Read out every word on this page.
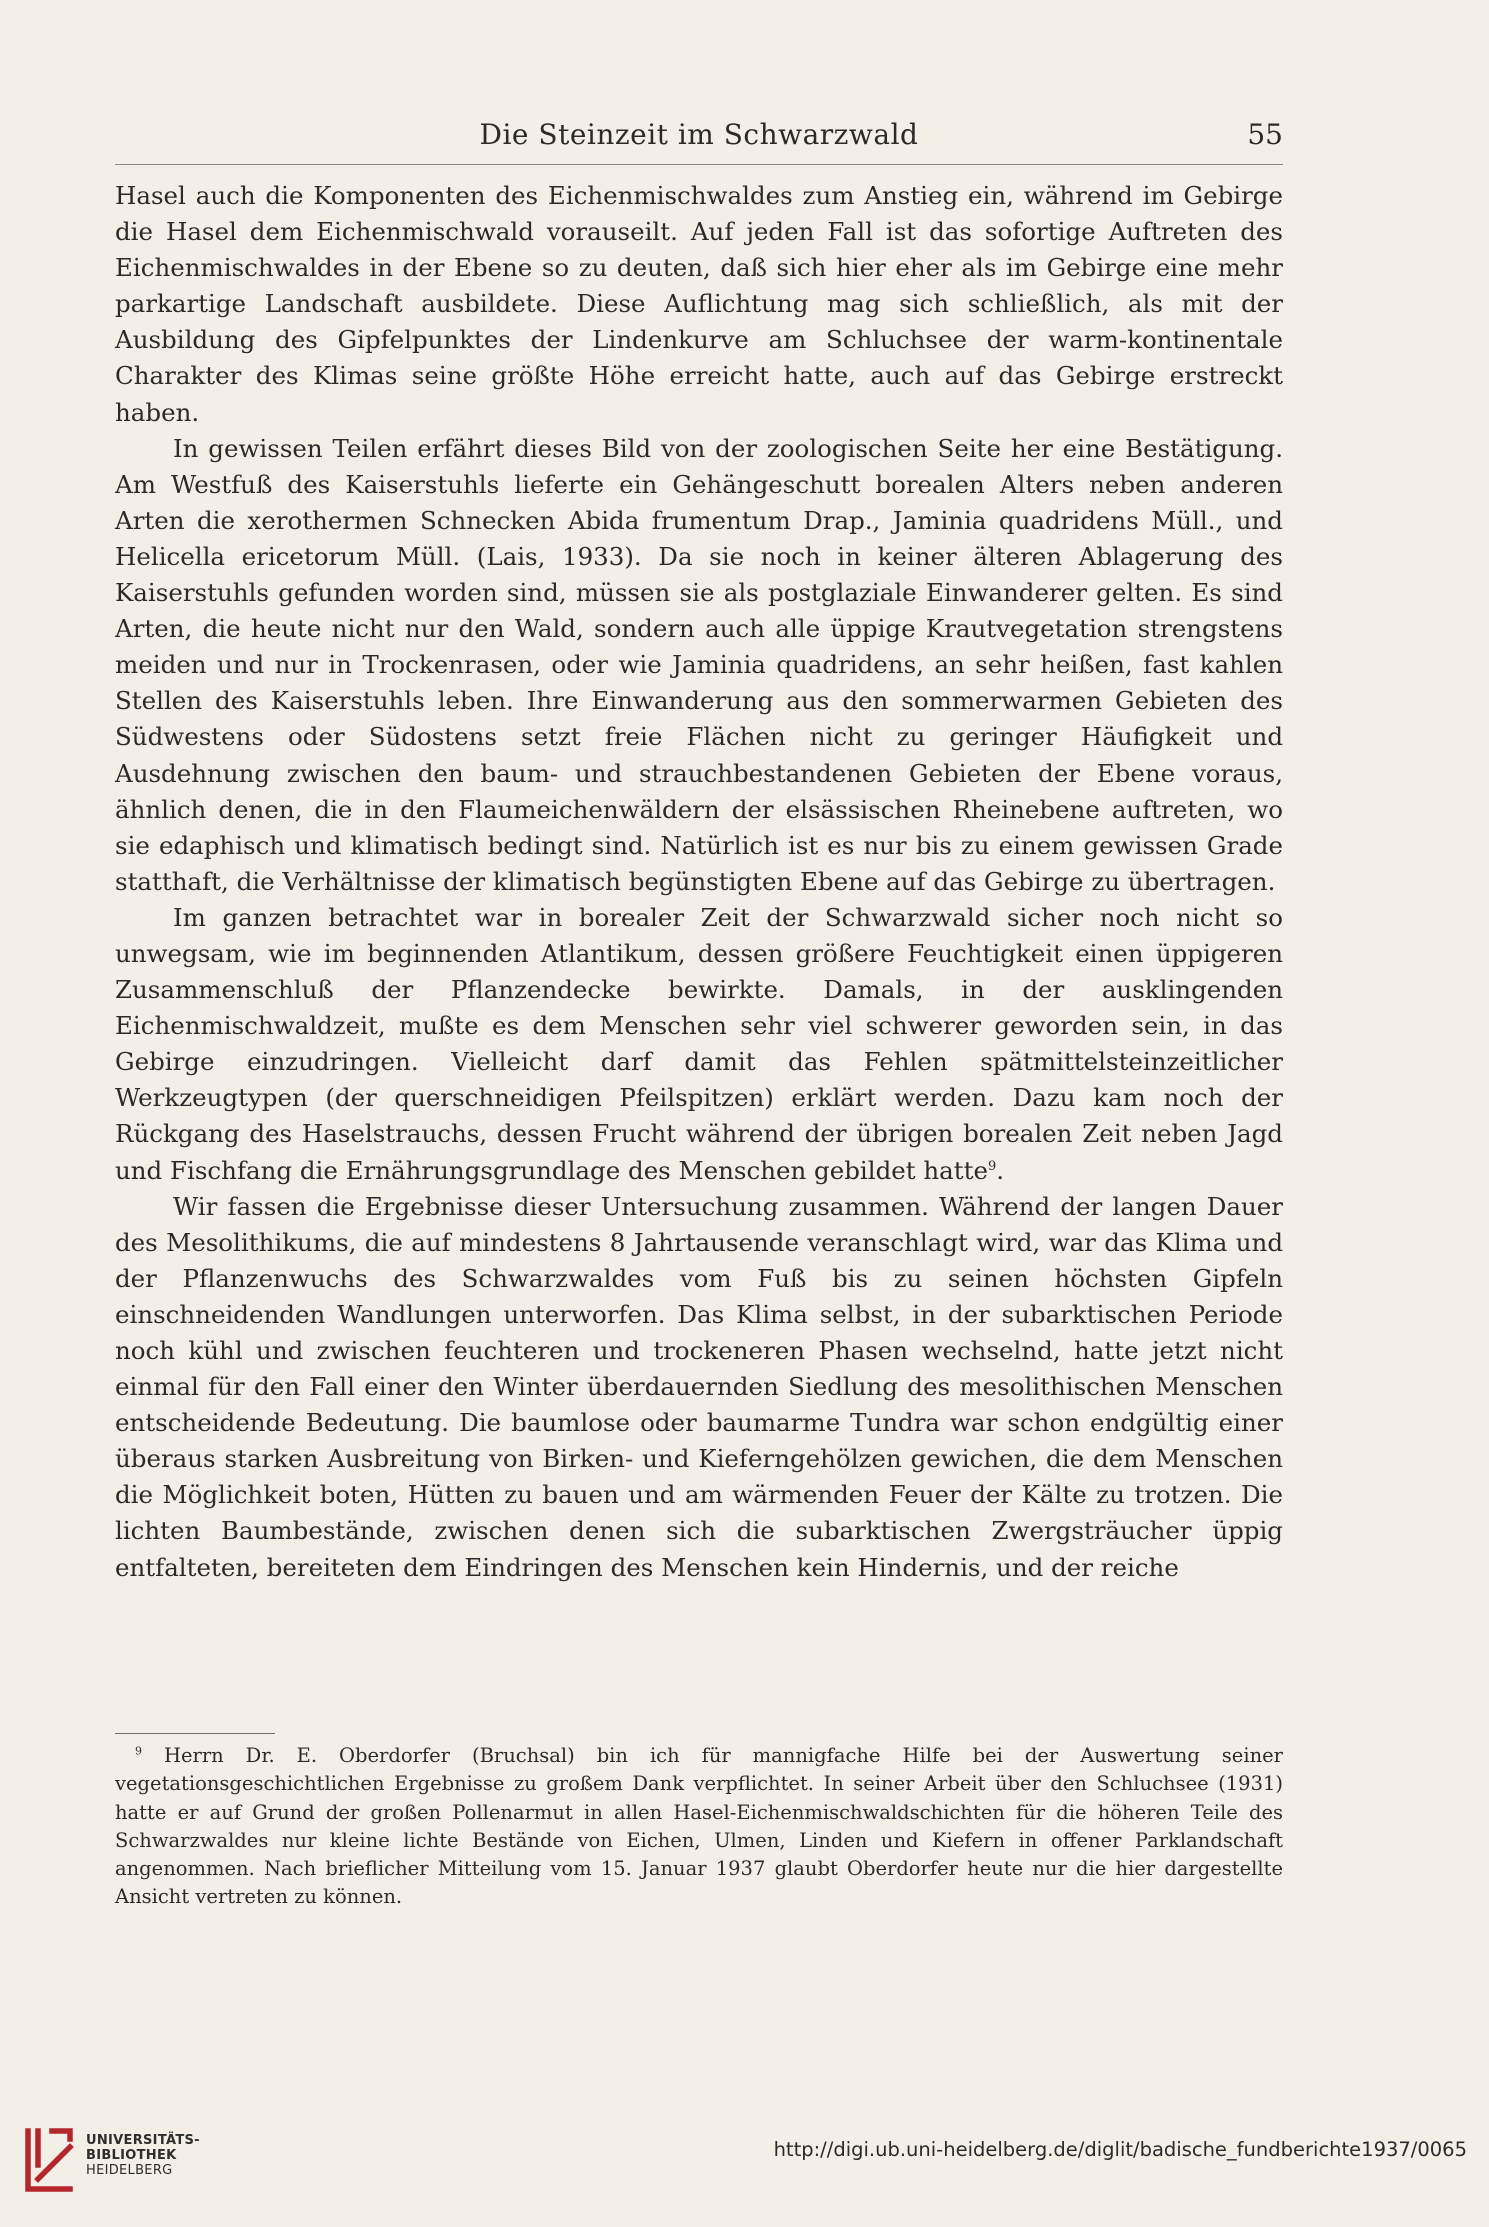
Die Steinzeit im Schwarzwald	55

Hasel auch die Komponenten des Eichenmischwaldes zum Anstieg ein, während im Gebirge die Hasel dem Eichenmischwald vorauseilt. Auf jeden Fall ist das sofortige Auftreten des Eichenmischwaldes in der Ebene so zu deuten, daß sich hier eher als im Gebirge eine mehr parkartige Landschaft ausbildete. Diese Auflichtung mag sich schließlich, als mit der Ausbildung des Gipfelpunktes der Lindenkurve am Schluchsee der warm-kontinentale Charakter des Klimas seine größte Höhe erreicht hatte, auch auf das Gebirge erstreckt haben.

In gewissen Teilen erfährt dieses Bild von der zoologischen Seite her eine Bestätigung. Am Westfuß des Kaiserstuhls lieferte ein Gehängeschutt borealen Alters neben anderen Arten die xerothermen Schnecken Abida frumentum Drap., Jaminia quadridens Müll., und Helicella ericetorum Müll. (Lais, 1933). Da sie noch in keiner älteren Ablagerung des Kaiserstuhls gefunden worden sind, müssen sie als postglaziale Einwanderer gelten. Es sind Arten, die heute nicht nur den Wald, sondern auch alle üppige Krautvegetation strengstens meiden und nur in Trockenrasen, oder wie Jaminia quadridens, an sehr heißen, fast kahlen Stellen des Kaiserstuhls leben. Ihre Einwanderung aus den sommerwarmen Gebieten des Südwestens oder Südostens setzt freie Flächen nicht zu geringer Häufigkeit und Ausdehnung zwischen den baum- und strauchbestandenen Gebieten der Ebene voraus, ähnlich denen, die in den Flaumeichenwäldern der elsässischen Rheinebene auftreten, wo sie edaphisch und klimatisch bedingt sind. Natürlich ist es nur bis zu einem gewissen Grade statthaft, die Verhältnisse der klimatisch begünstigten Ebene auf das Gebirge zu übertragen.

Im ganzen betrachtet war in borealer Zeit der Schwarzwald sicher noch nicht so unwegsam, wie im beginnenden Atlantikum, dessen größere Feuchtigkeit einen üppigeren Zusammenschluß der Pflanzendecke bewirkte. Damals, in der ausklingenden Eichenmischwaldzeit, mußte es dem Menschen sehr viel schwerer geworden sein, in das Gebirge einzudringen. Vielleicht darf damit das Fehlen spätmittelsteinzeitlicher Werkzeugtypen (der querschneidigen Pfeilspitzen) erklärt werden. Dazu kam noch der Rückgang des Haselstrauchs, dessen Frucht während der übrigen borealen Zeit neben Jagd und Fischfang die Ernährungsgrundlage des Menschen gebildet hatte$^9$.

Wir fassen die Ergebnisse dieser Untersuchung zusammen. Während der langen Dauer des Mesolithikums, die auf mindestens 8 Jahrtausende veranschlagt wird, war das Klima und der Pflanzenwuchs des Schwarzwaldes vom Fuß bis zu seinen höchsten Gipfeln einschneidenden Wandlungen unterworfen. Das Klima selbst, in der subarktischen Periode noch kühl und zwischen feuchteren und trockeneren Phasen wechselnd, hatte jetzt nicht einmal für den Fall einer den Winter überdauernden Siedlung des mesolithischen Menschen entscheidende Bedeutung. Die baumlose oder baumarme Tundra war schon endgültig einer überaus starken Ausbreitung von Birken- und Kieferngehölzen gewichen, die dem Menschen die Möglichkeit boten, Hütten zu bauen und am wärmenden Feuer der Kälte zu trotzen. Die lichten Baumbestände, zwischen denen sich die subarktischen Zwergsträucher üppig entfalteten, bereiteten dem Eindringen des Menschen kein Hindernis, und der reiche

$^9$ Herrn Dr. E. Oberdorfer (Bruchsal) bin ich für mannigfache Hilfe bei der Auswertung seiner vegetationsgeschichtlichen Ergebnisse zu großem Dank verpflichtet. In seiner Arbeit über den Schluchsee (1931) hatte er auf Grund der großen Pollenarmut in allen Hasel-Eichenmischwaldschichten für die höheren Teile des Schwarzwaldes nur kleine lichte Bestände von Eichen, Ulmen, Linden und Kiefern in offener Parklandschaft angenommen. Nach brieflicher Mitteilung vom 15. Januar 1937 glaubt Oberdorfer heute nur die hier dargestellte Ansicht vertreten zu können.

UNIVERSITÄTS-
BIBLIOTHEK
HEIDELBERG
http://digi.ub.uni-heidelberg.de/diglit/badische_fundberichte1937/0065
